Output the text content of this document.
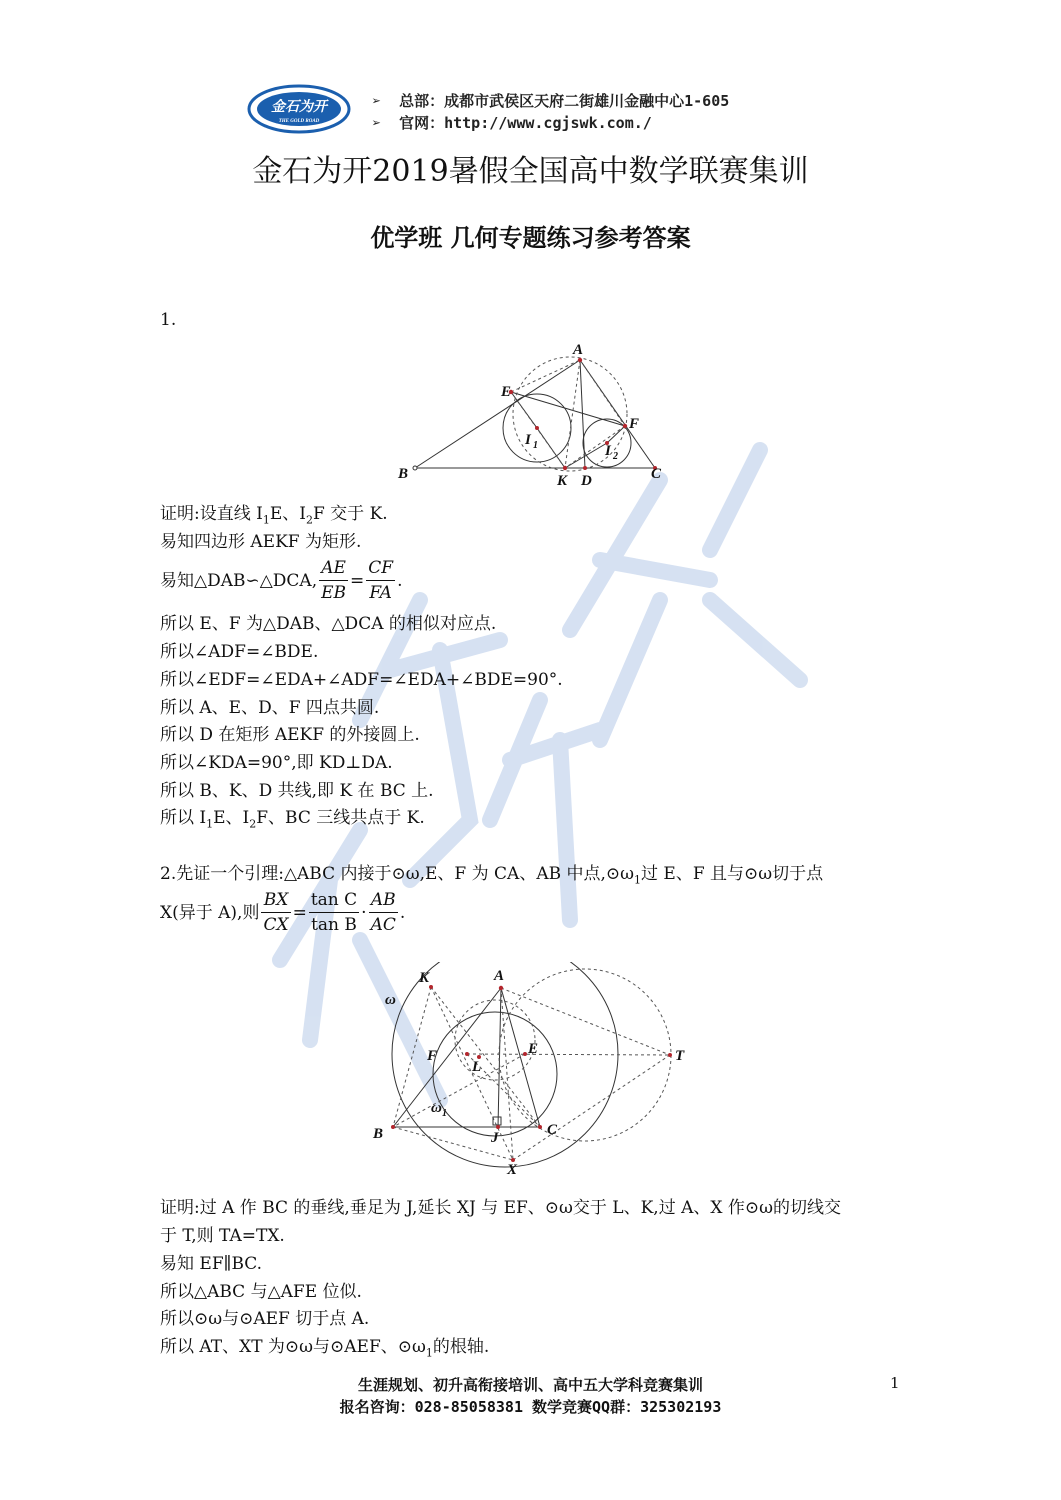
金石为开
THE GOLD ROAD
➢ 总部：成都市武侯区天府二街雄川金融中心1-605
➢ 官网：http://www.cgjswk.com./
金石为开2019暑假全国高中数学联赛集训
优学班 几何专题练习参考答案
1.
A
E
F
B	K D	C
I 1	I 2
证明:设直线 $I_1E$、$I_2F$ 交于 K.
易知四边形 AEKF 为矩形.
易知△DAB∽△DCA, $\frac{AE}{EB} = \frac{CF}{FA}$ .
所以 E、F 为△DAB、△DCA 的相似对应点.
所以∠ADF=∠BDE.
所以∠EDF=∠EDA+∠ADF=∠EDA+∠BDE=90°.
所以 A、E、D、F 四点共圆.
所以 D 在矩形 AEKF 的外接圆上.
所以∠KDA=90°,即 KD⊥DA.
所以 B、K、D 共线,即 K 在 BC 上.
所以 $I_1E$、$I_2F$、BC 三线共点于 K.
2.先证一个引理:△ABC 内接于⊙ω,E、F 为 CA、AB 中点$,⊙\omega_1$过 E、F 且与⊙ω切于点
X(异于 A),则 $\frac{BX}{CX} = \frac{\text{tan C}}{\text{tan B}} \cdot \frac{AB}{AC}$ .
K	A
ω
F	E	T
L
ω 1
B	J	C
X
证明:过 A 作 BC 的垂线,垂足为 J,延长 XJ 与 EF、⊙ω交于 L、K,过 A、X 作⊙ω的切线交
于 T,则 TA=TX.
易知 EF∥BC.
所以△ABC 与△AFE 位似.
所以⊙ω与⊙AEF 切于点 A.
所以 AT、XT 为⊙ω与⊙AEF、$⊙\omega_1$的根轴.
生涯规划、初升高衔接培训、高中五大学科竞赛集训
报名咨询：028-85058381 数学竞赛QQ群：325302193
1
